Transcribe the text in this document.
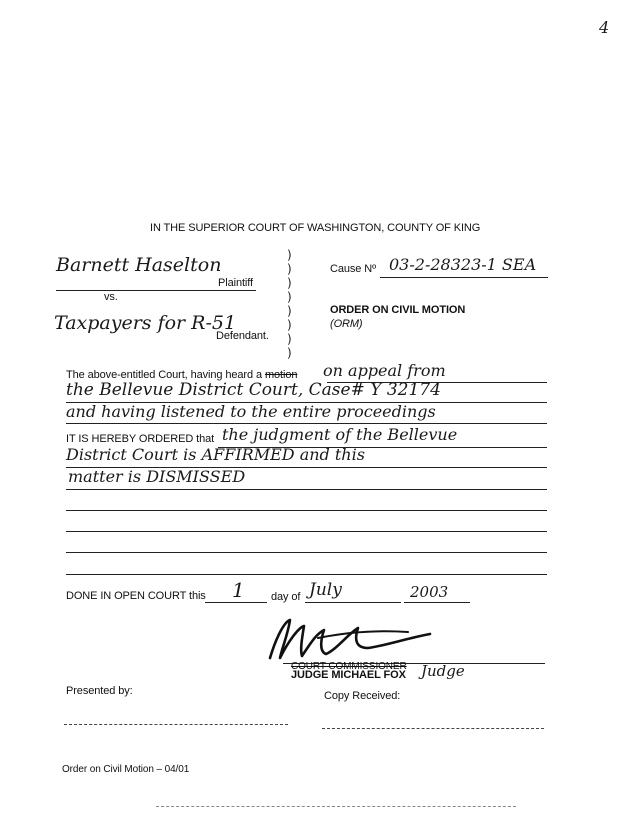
4
IN THE SUPERIOR COURT OF WASHINGTON, COUNTY OF KING
Barnett Haselton
Plaintiff
vs.
Taxpayers for R-51
Defendant.
)
)
)
)
)
)
)
)
Cause Nº 03-2-28323-1 SEA
ORDER ON CIVIL MOTION
(ORM)
The above-entitled Court, having heard a motion on appeal from
the Bellevue District Court, Case# Y 32174
and having listened to the entire proceedings
IT IS HEREBY ORDERED that the judgment of the Bellevue
District Court is AFFIRMED and this
matter is DISMISSED
DONE IN OPEN COURT this 1 day of July	2003
COURT COMMISSIONER
JUDGE MICHAEL FOX Judge
Presented by:	Copy Received:
Order on Civil Motion – 04/01
